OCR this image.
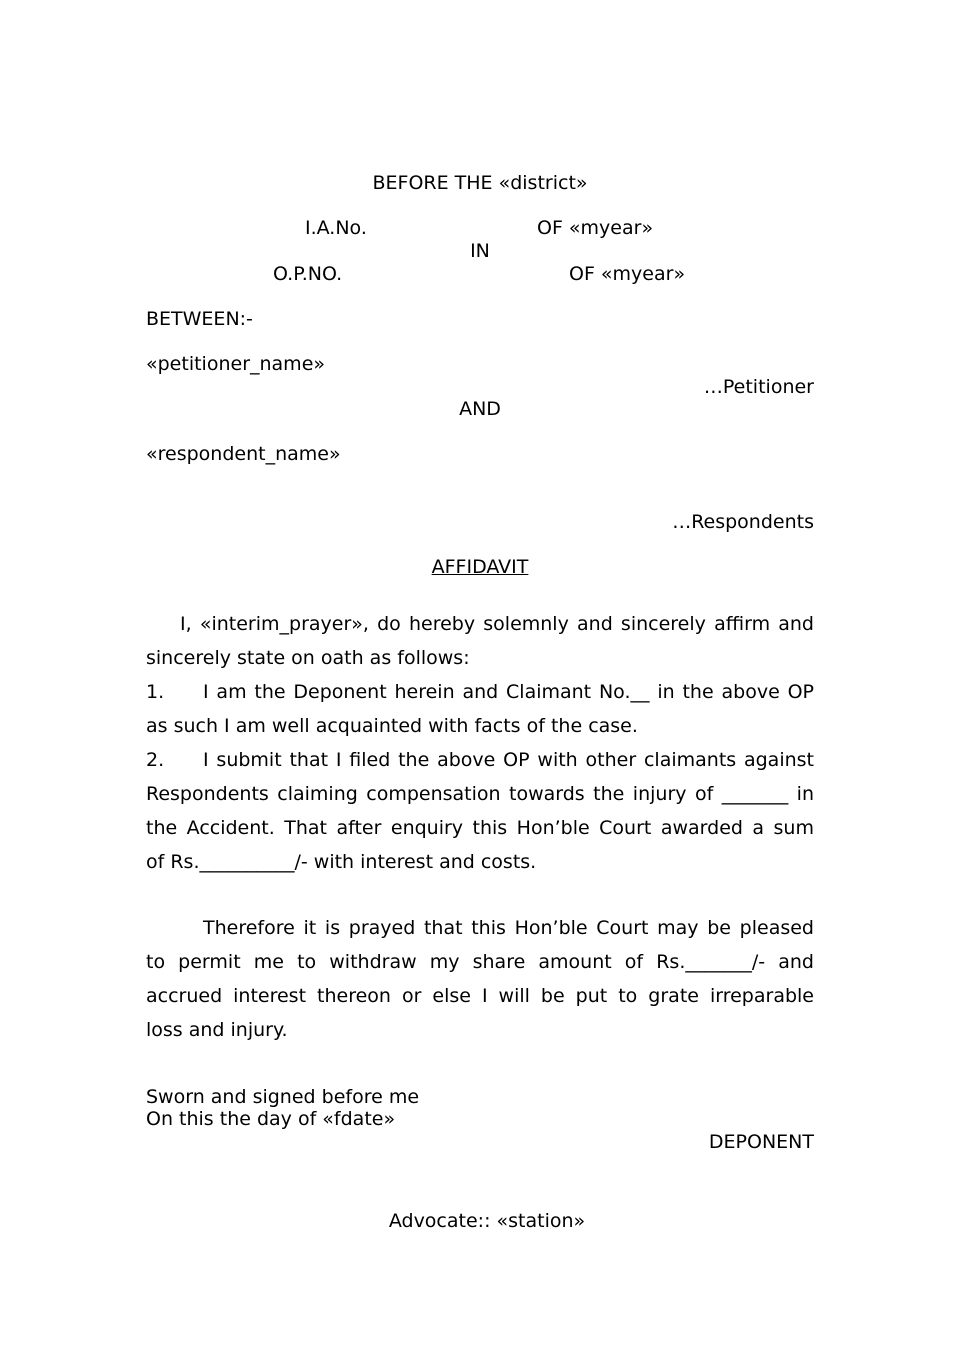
BEFORE THE «district»

I.A.No.	OF «myear»

IN

O.P.NO.	OF «myear»

BETWEEN:-

«petitioner_name»

…Petitioner

AND

«respondent_name»

…Respondents

AFFIDAVIT

I, «interim_prayer», do hereby solemnly and sincerely affirm and
sincerely state on oath as follows:
1. I am the Deponent herein and Claimant No.__ in the above OP
as such I am well acquainted with facts of the case.
2. I submit that I filed the above OP with other claimants against
Respondents claiming compensation towards the injury of _______ in
the Accident. That after enquiry this Hon’ble Court awarded a sum
of Rs.__________/- with interest and costs.
Therefore it is prayed that this Hon’ble Court may be pleased
to permit me to withdraw my share amount of Rs._______/- and
accrued interest thereon or else I will be put to grate irreparable
loss and injury.

Sworn and signed before me

On this the day of «fdate»

DEPONENT

Advocate:: «station»
